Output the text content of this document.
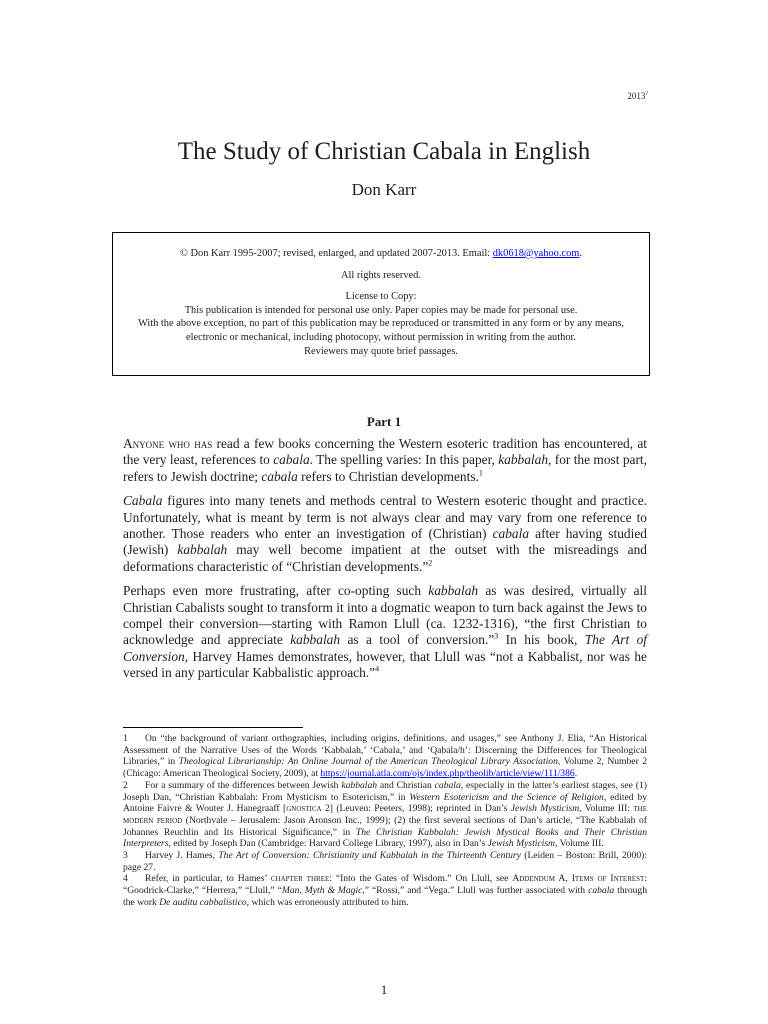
2013?
The Study of Christian Cabala in English
Don Karr

© Don Karr 1995-2007; revised, enlarged, and updated 2007-2013. Email: dk0618@yahoo.com.

All rights reserved.

License to Copy:

This publication is intended for personal use only. Paper copies may be made for personal use.

With the above exception, no part of this publication may be reproduced or transmitted in any form or by any means, electronic or mechanical, including photocopy, without permission in writing from the author.

Reviewers may quote brief passages.

Part 1

Anyone who has read a few books concerning the Western esoteric tradition has encountered, at the very least, references to cabala. The spelling varies: In this paper, kabbalah, for the most part, refers to Jewish doctrine; cabala refers to Christian developments.$^1$

Cabala figures into many tenets and methods central to Western esoteric thought and practice. Unfortunately, what is meant by term is not always clear and may vary from one reference to another. Those readers who enter an investigation of (Christian) cabala after having studied (Jewish) kabbalah may well become impatient at the outset with the misreadings and deformations characteristic of “Christian developments.”$^2$

Perhaps even more frustrating, after co-opting such kabbalah as was desired, virtually all Christian Cabalists sought to transform it into a dogmatic weapon to turn back against the Jews to compel their conversion—starting with Ramon Llull (ca. 1232-1316), “the first Christian to acknowledge and appreciate kabbalah as a tool of conversion.”$^3$ In his book, The Art of Conversion, Harvey Hames demonstrates, however, that Llull was “not a Kabbalist, nor was he versed in any particular Kabbalistic approach.”$^4$

1 On “the background of variant orthographies, including origins, definitions, and usages,” see Anthony J. Elia, “An Historical Assessment of the Narrative Uses of the Words ‘Kabbalah,’ ‘Cabala,’ and ‘Qabala/h’: Discerning the Differences for Theological Libraries,” in Theological Librarianship: An Online Journal of the American Theological Library Association, Volume 2, Number 2 (Chicago: American Theological Society, 2009), at https://journal.atla.com/ojs/index.php/theolib/article/view/111/386.

2 For a summary of the differences between Jewish kabbalah and Christian cabala, especially in the latter’s earliest stages, see (1) Joseph Dan, “Christian Kabbalah: From Mysticism to Esotericism,” in Western Esotericism and the Science of Religion, edited by Antoine Faivre & Wouter J. Hanegraaff [gnostica 2] (Leuven: Peeters, 1998); reprinted in Dan’s Jewish Mysticism, Volume III: the modern period (Northvale – Jerusalem: Jason Aronson Inc., 1999); (2) the first several sections of Dan’s article, “The Kabbalah of Johannes Reuchlin and Its Historical Significance,” in The Christian Kabbalah: Jewish Mystical Books and Their Christian Interpreters, edited by Joseph Dan (Cambridge: Harvard College Library, 1997), also in Dan’s Jewish Mysticism, Volume III.

3 Harvey J. Hames, The Art of Conversion: Christianity and Kabbalah in the Thirteenth Century (Leiden – Boston: Brill, 2000): page 27.

4 Refer, in particular, to Hames’ chapter three: “Into the Gates of Wisdom.” On Llull, see Addendum A, Items of Interest: “Goodrick-Clarke,” “Herrera,” “Llull,” “Man, Myth & Magic,” “Rossi,” and “Vega.” Llull was further associated with cabala through the work De auditu cabbalistico, which was erroneously attributed to him.

1
